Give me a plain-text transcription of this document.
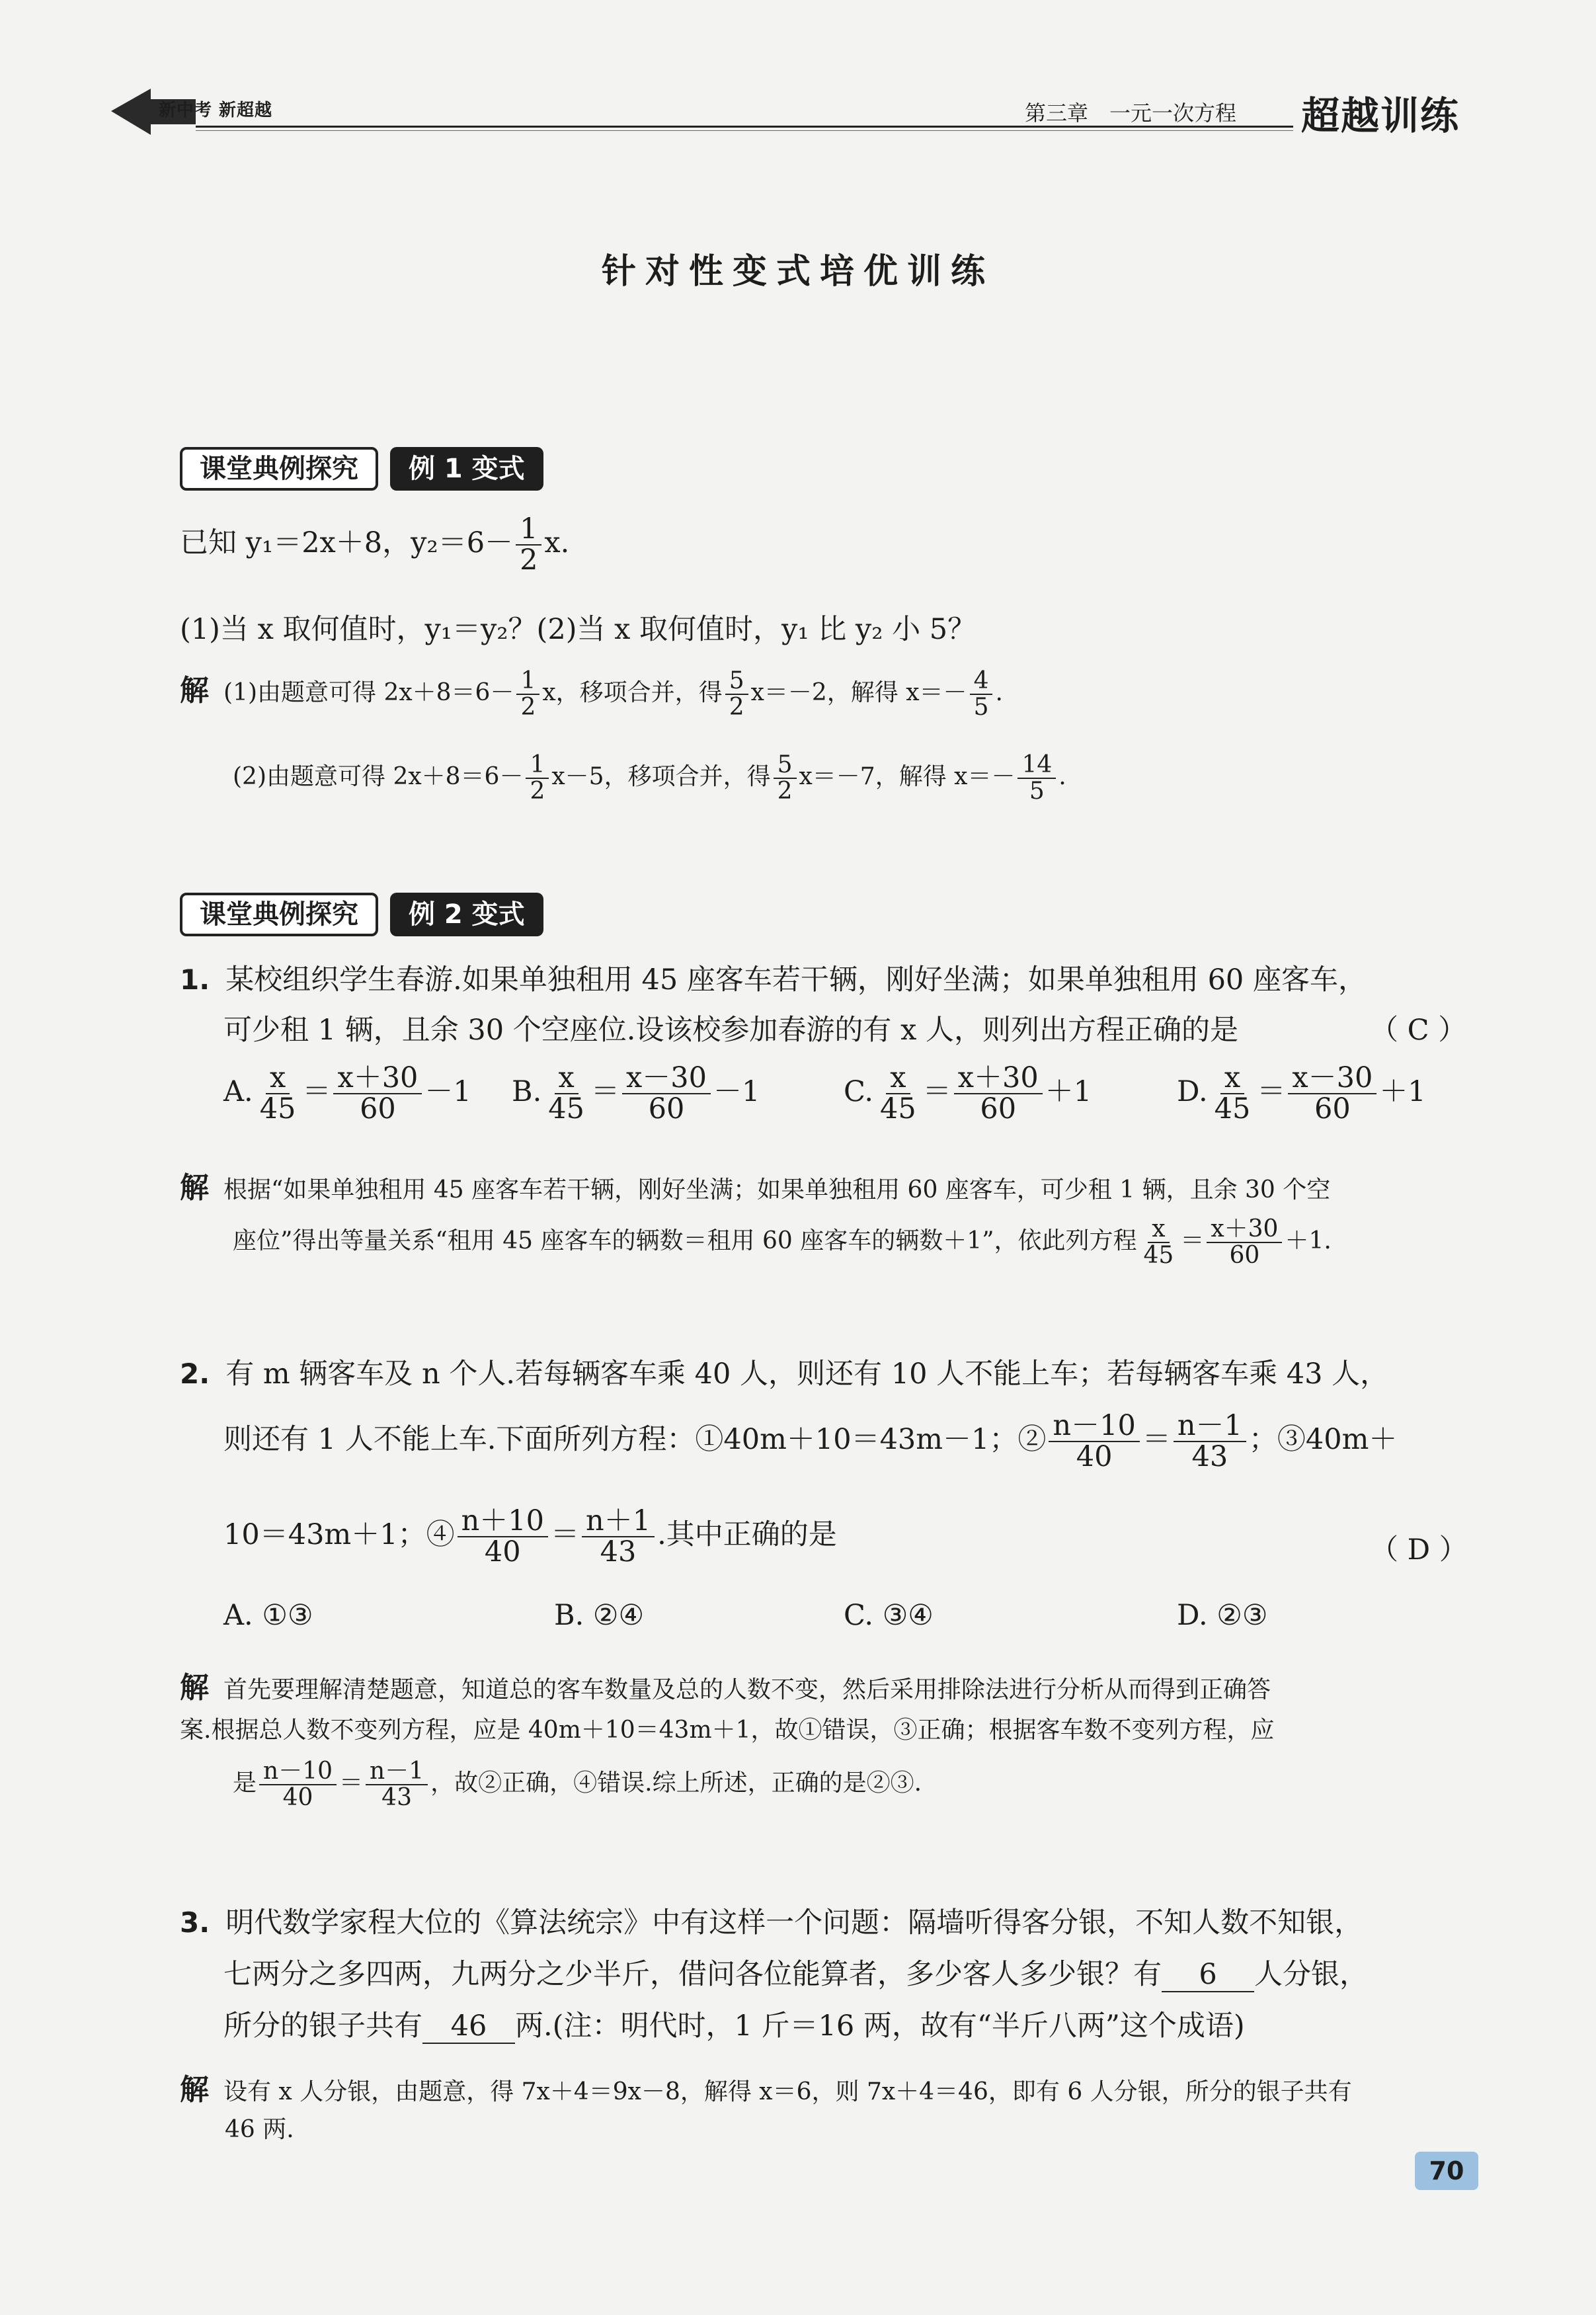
新中考 新超越	第三章　一元一次方程 超越训练
针对性变式培优训练
课堂典例探究	例 1 变式
已知 y₁＝2x＋8，$y_2=6- \frac{1}{2} x$.
(1)当 x 取何值时，y₁＝y₂？(2)当 x 取何值时，y₁ 比 y₂ 小 5？
解 (1)由题意可得 $2x+8=6- \frac{1}{2}$ x，移项合并，得 $\frac{5}{2} x=-2$，解得 $x=- \frac{4}{5}$ .
(2)由题意可得 $2x+8=6- \frac{1}{2} x-5$，移项合并，得 $\frac{5}{2} x=-7$，解得 $x=- \frac{14}{5}$ .
课堂典例探究	例 2 变式
1. 某校组织学生春游.如果单独租用 45 座客车若干辆，刚好坐满；如果单独租用 60 座客车，
可少租 1 辆，且余 30 个空座位.设该校参加春游的有 x 人，则列出方程正确的是	（ C ）
A. $\frac{x}{45} = \frac{x+30}{60} -1$ B. $\frac{x}{45} = \frac{x-30}{60} -1$	C. $\frac{x}{45} = \frac{x+30}{60} +1$	D. $\frac{x}{45} = \frac{x-30}{60} +1$
解 根据“如果单独租用 45 座客车若干辆，刚好坐满；如果单独租用 60 座客车，可少租 1 辆，且余 30 个空
座位”得出等量关系“租用 45 座客车的辆数＝租用 60 座客车的辆数＋1”，依此列方程 $\frac{x}{45} = \frac{x+30}{60} +1$.
2. 有 m 辆客车及 n 个人.若每辆客车乘 40 人，则还有 10 人不能上车；若每辆客车乘 43 人，
则还有 1 人不能上车.下面所列方程：①40m＋10＝43m－1；② $\frac{n-10}{40} = \frac{n-1}{43}$ ；③40m＋
10＝43m＋1；④ $\frac{n+10}{40} = \frac{n+1}{43}$ .其中正确的是	（ D ）
A. ①③	B. ②④	C. ③④	D. ②③
解 首先要理解清楚题意，知道总的客车数量及总的人数不变，然后采用排除法进行分析从而得到正确答
案.根据总人数不变列方程，应是 40m＋10＝43m＋1，故①错误，③正确；根据客车数不变列方程，应
是 $\frac{n-10}{40} = \frac{n-1}{43}$ ，故②正确，④错误.综上所述，正确的是②③.
3. 明代数学家程大位的《算法统宗》中有这样一个问题：隔墙听得客分银，不知人数不知银，
七两分之多四两，九两分之少半斤，借问各位能算者，多少客人多少银？有 6 人分银，
所分的银子共有 46 两.(注：明代时，1 斤＝16 两，故有“半斤八两”这个成语)
解 设有 x 人分银，由题意，得 7x＋4＝9x－8，解得 x＝6，则 7x＋4＝46，即有 6 人分银，所分的银子共有
46 两.
70
